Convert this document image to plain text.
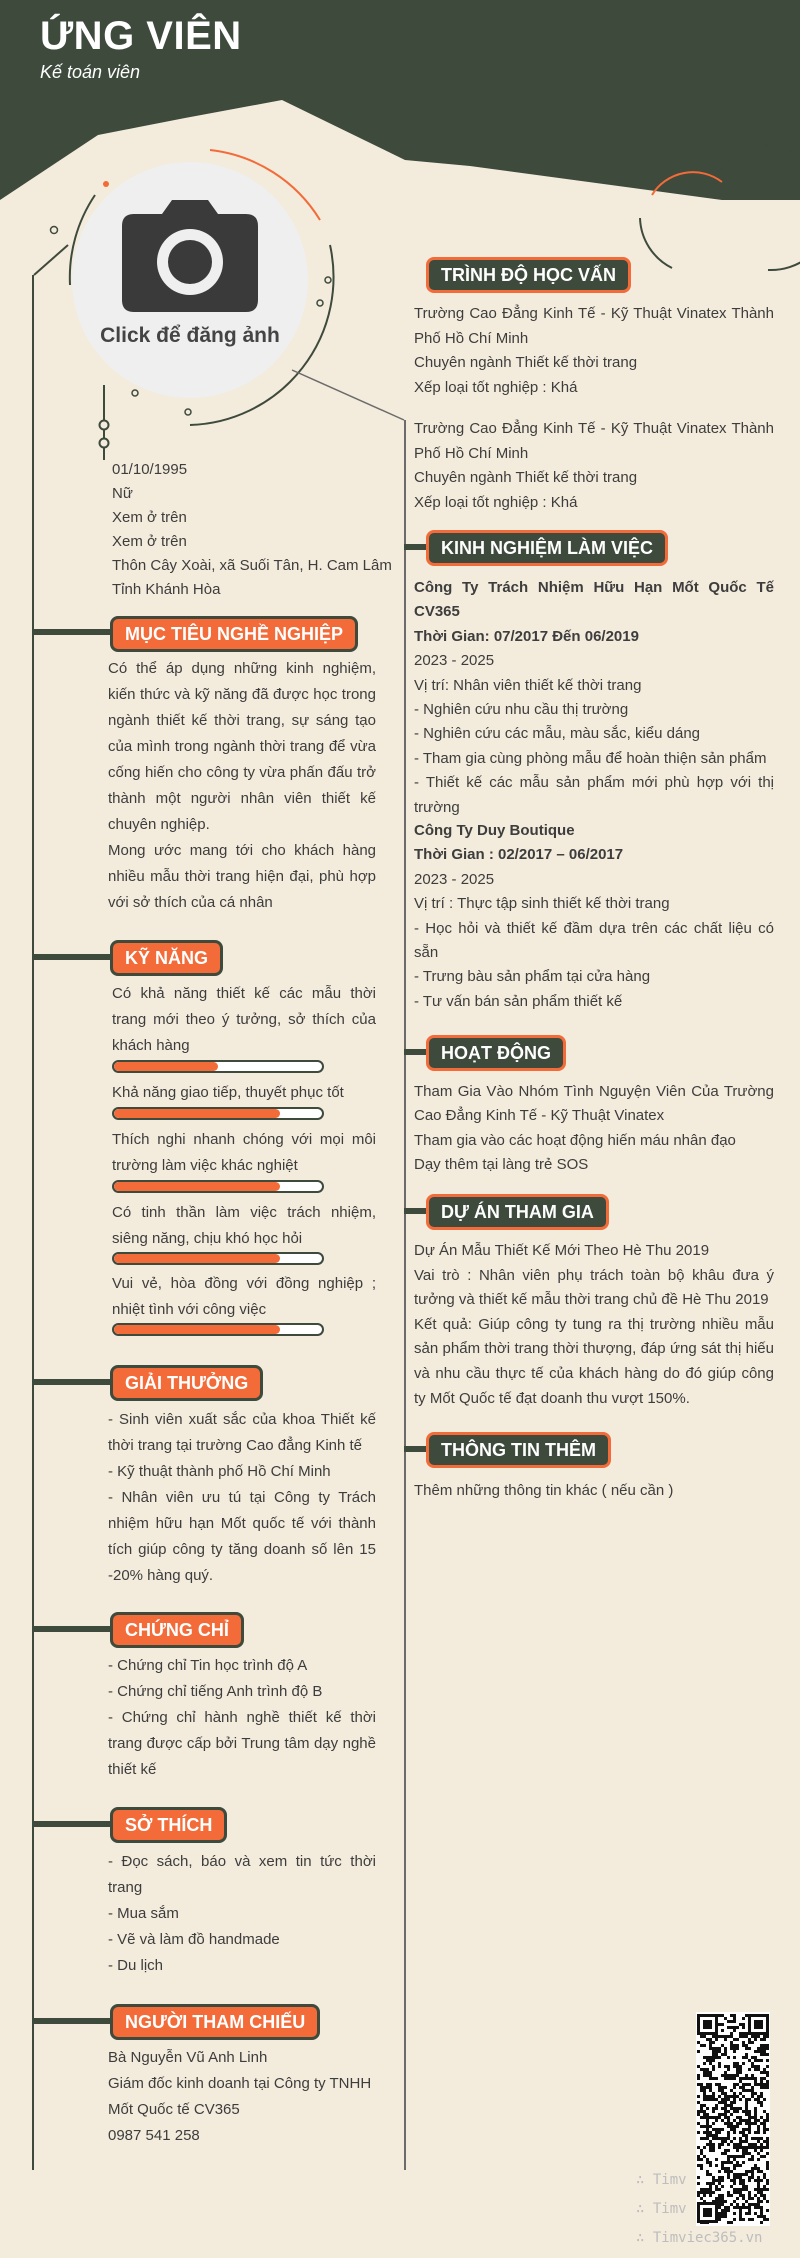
ỨNG VIÊN
Kế toán viên
Click để đăng ảnh
01/10/1995
Nữ
Xem ở trên
Xem ở trên
Thôn Cây Xoài, xã Suối Tân, H. Cam Lâm
Tỉnh Khánh Hòa
MỤC TIÊU NGHỀ NGHIỆP

Có thể áp dụng những kinh nghiệm, kiến thức và kỹ năng đã được học trong ngành thiết kế thời trang, sự sáng tạo của mình trong ngành thời trang để vừa cống hiến cho công ty vừa phấn đấu trở thành một người nhân viên thiết kế chuyên nghiệp.

Mong ước mang tới cho khách hàng nhiều mẫu thời trang hiện đại, phù hợp với sở thích của cá nhân

KỸ NĂNG
Có khả năng thiết kế các mẫu thời trang mới theo ý tưởng, sở thích của khách hàng
Khả năng giao tiếp, thuyết phục tốt
Thích nghi nhanh chóng với mọi môi trường làm việc khác nghiệt
Có tinh thần làm việc trách nhiệm, siêng năng, chịu khó học hỏi
Vui vẻ, hòa đồng với đồng nghiệp ; nhiệt tình với công việc
GIẢI THƯỞNG

- Sinh viên xuất sắc của khoa Thiết kế thời trang tại trường Cao đẳng Kinh tế

- Kỹ thuật thành phố Hồ Chí Minh

- Nhân viên ưu tú tại Công ty Trách nhiệm hữu hạn Mốt quốc tế với thành tích giúp công ty tăng doanh số lên 15 -20% hàng quý.

CHỨNG CHỈ

- Chứng chỉ Tin học trình độ A

- Chứng chỉ tiếng Anh trình độ B

- Chứng chỉ hành nghề thiết kế thời trang được cấp bởi Trung tâm dạy nghề thiết kế

SỞ THÍCH

- Đọc sách, báo và xem tin tức thời trang

- Mua sắm

- Vẽ và làm đồ handmade

- Du lịch

NGƯỜI THAM CHIẾU

Bà Nguyễn Vũ Anh Linh

Giám đốc kinh doanh tại Công ty TNHH Mốt Quốc tế CV365

0987 541 258

TRÌNH ĐỘ HỌC VẤN

Trường Cao Đẳng Kinh Tế - Kỹ Thuật Vinatex Thành Phố Hồ Chí Minh

Chuyên ngành Thiết kế thời trang

Xếp loại tốt nghiệp : Khá

Trường Cao Đẳng Kinh Tế - Kỹ Thuật Vinatex Thành Phố Hồ Chí Minh

Chuyên ngành Thiết kế thời trang

Xếp loại tốt nghiệp : Khá

KINH NGHIỆM LÀM VIỆC

Công Ty Trách Nhiệm Hữu Hạn Mốt Quốc Tế CV365

Thời Gian: 07/2017 Đến 06/2019

2023 - 2025

Vị trí: Nhân viên thiết kế thời trang

- Nghiên cứu nhu cầu thị trường

- Nghiên cứu các mẫu, màu sắc, kiểu dáng

- Tham gia cùng phòng mẫu để hoàn thiện sản phẩm

- Thiết kế các mẫu sản phẩm mới phù hợp với thị trường

Công Ty Duy Boutique

Thời Gian : 02/2017 – 06/2017

2023 - 2025

Vị trí : Thực tập sinh thiết kế thời trang

- Học hỏi và thiết kế đầm dựa trên các chất liệu có sẵn

- Trưng bàu sản phẩm tại cửa hàng

- Tư vấn bán sản phẩm thiết kế

HOẠT ĐỘNG

Tham Gia Vào Nhóm Tình Nguyện Viên Của Trường Cao Đẳng Kinh Tế - Kỹ Thuật Vinatex

Tham gia vào các hoạt động hiến máu nhân đạo

Dạy thêm tại làng trẻ SOS

DỰ ÁN THAM GIA

Dự Án Mẫu Thiết Kế Mới Theo Hè Thu 2019

Vai trò : Nhân viên phụ trách toàn bộ khâu đưa ý tưởng và thiết kế mẫu thời trang chủ đề Hè Thu 2019

Kết quả: Giúp công ty tung ra thị trường nhiều mẫu sản phẩm thời trang thời thượng, đáp ứng sát thị hiếu và nhu cầu thực tế của khách hàng do đó giúp công ty Mốt Quốc tế đạt doanh thu vượt 150%.

THÔNG TIN THÊM
Thêm những thông tin khác ( nếu cần )
∴ Timv
∴ Timv
∴ Timviec365.vn
